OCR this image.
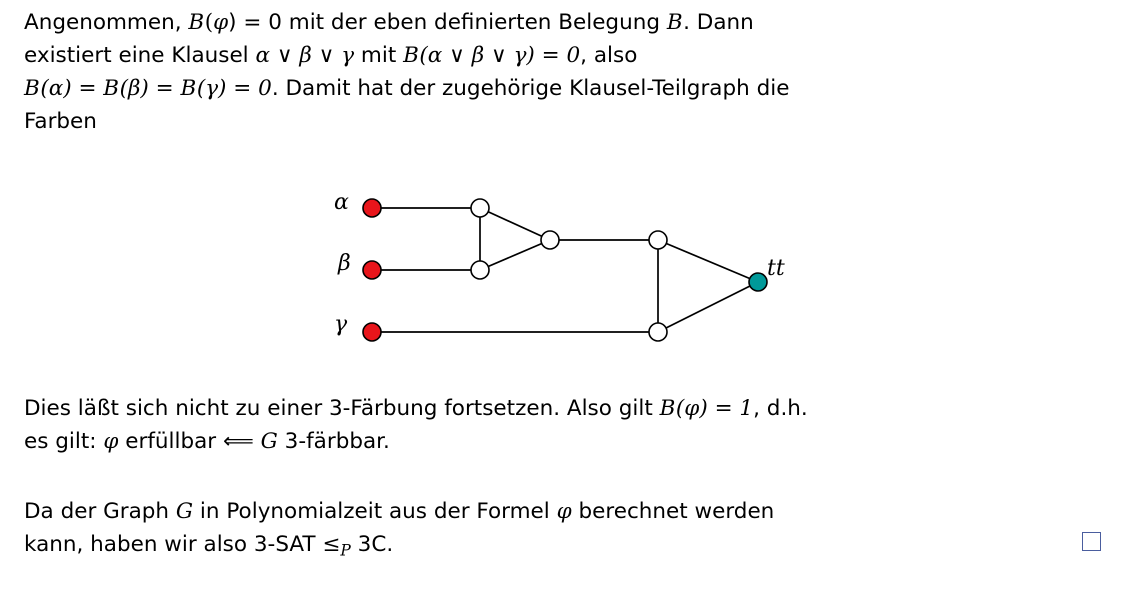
Angenommen, B(φ) = 0 mit der eben definierten Belegung B. Dann
existiert eine Klausel α ∨ β ∨ γ mit B(α ∨ β ∨ γ) = 0, also
B(α) = B(β) = B(γ) = 0. Damit hat der zugehörige Klausel-Teilgraph die
Farben
α
β
γ
tt
Dies läßt sich nicht zu einer 3-Färbung fortsetzen. Also gilt B(φ) = 1, d.h.
es gilt: φ erfüllbar ⟸ G 3-färbbar.
Da der Graph G in Polynomialzeit aus der Formel φ berechnet werden
kann, haben wir also $3-SAT \le_P$ 3C.
